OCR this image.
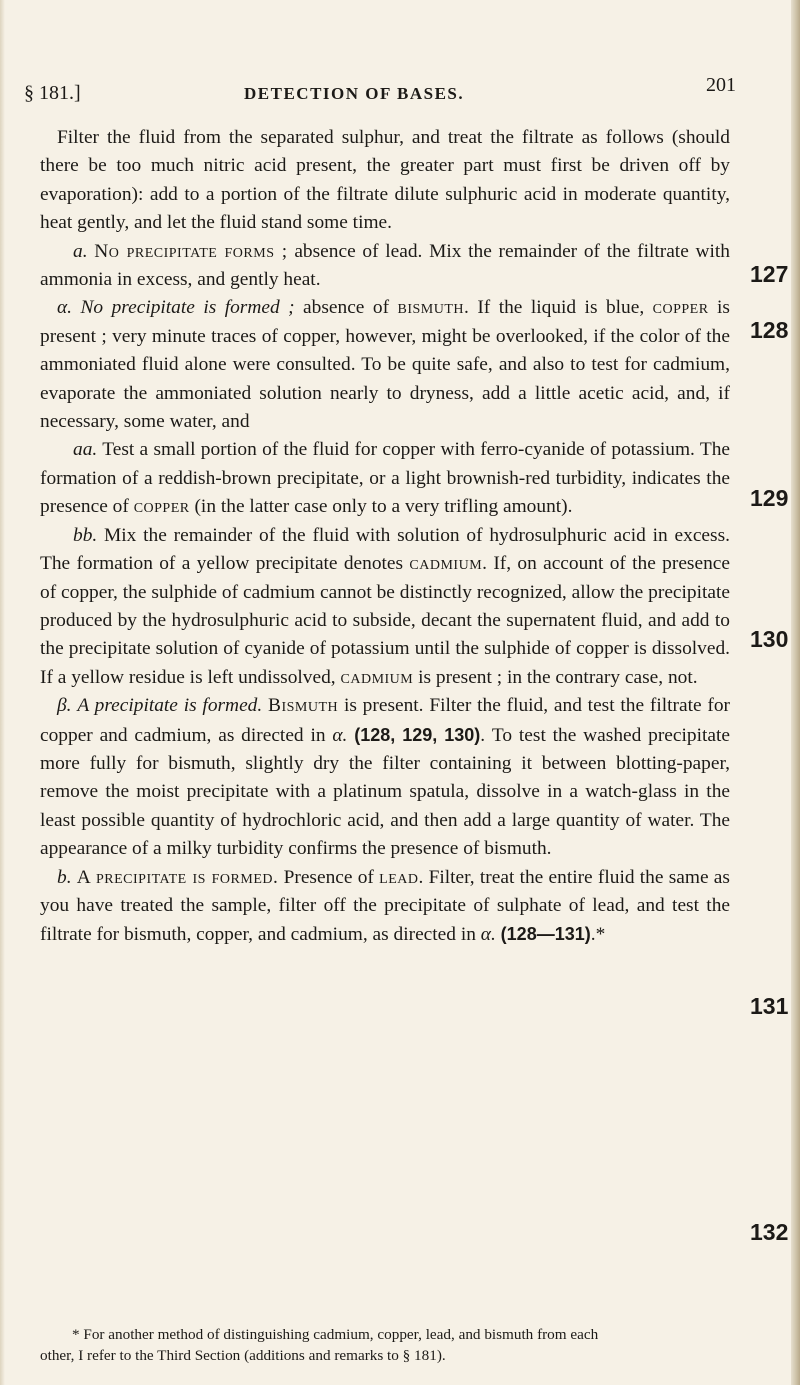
§ 181.]	DETECTION OF BASES.	201

Filter the fluid from the separated sulphur, and treat the filtrate as follows (should there be too much nitric acid present, the greater part must first be driven off by evaporation): add to a portion of the filtrate dilute sulphuric acid in moderate quantity, heat gently, and let the fluid stand some time.

a. No precipitate forms ; absence of lead. Mix the remainder of the filtrate with ammonia in excess, and gently heat.

α. No precipitate is formed ; absence of bismuth. If the liquid is blue, copper is present ; very minute traces of copper, however, might be overlooked, if the color of the ammoniated fluid alone were consulted. To be quite safe, and also to test for cadmium, evaporate the ammoniated solution nearly to dryness, add a little acetic acid, and, if necessary, some water, and

aa. Test a small portion of the fluid for copper with ferro-cyanide of potassium. The formation of a reddish-brown precipitate, or a light brownish-red turbidity, indicates the presence of copper (in the latter case only to a very trifling amount).

bb. Mix the remainder of the fluid with solution of hydrosulphuric acid in excess. The formation of a yellow precipitate denotes cadmium. If, on account of the presence of copper, the sulphide of cadmium cannot be distinctly recognized, allow the precipitate produced by the hydrosulphuric acid to subside, decant the supernatent fluid, and add to the precipitate solution of cyanide of potassium until the sulphide of copper is dissolved. If a yellow residue is left undissolved, cadmium is present ; in the contrary case, not.

β. A precipitate is formed. Bismuth is present. Filter the fluid, and test the filtrate for copper and cadmium, as directed in α. (128, 129, 130). To test the washed precipitate more fully for bismuth, slightly dry the filter containing it between blotting-paper, remove the moist precipitate with a platinum spatula, dissolve in a watch-glass in the least possible quantity of hydrochloric acid, and then add a large quantity of water. The appearance of a milky turbidity confirms the presence of bismuth.

b. A precipitate is formed. Presence of lead. Filter, treat the entire fluid the same as you have treated the sample, filter off the precipitate of sulphate of lead, and test the filtrate for bismuth, copper, and cadmium, as directed in α. (128—131).*

127
128
129
130
131
132

* For another method of distinguishing cadmium, copper, lead, and bismuth from each

other, I refer to the Third Section (additions and remarks to § 181).
